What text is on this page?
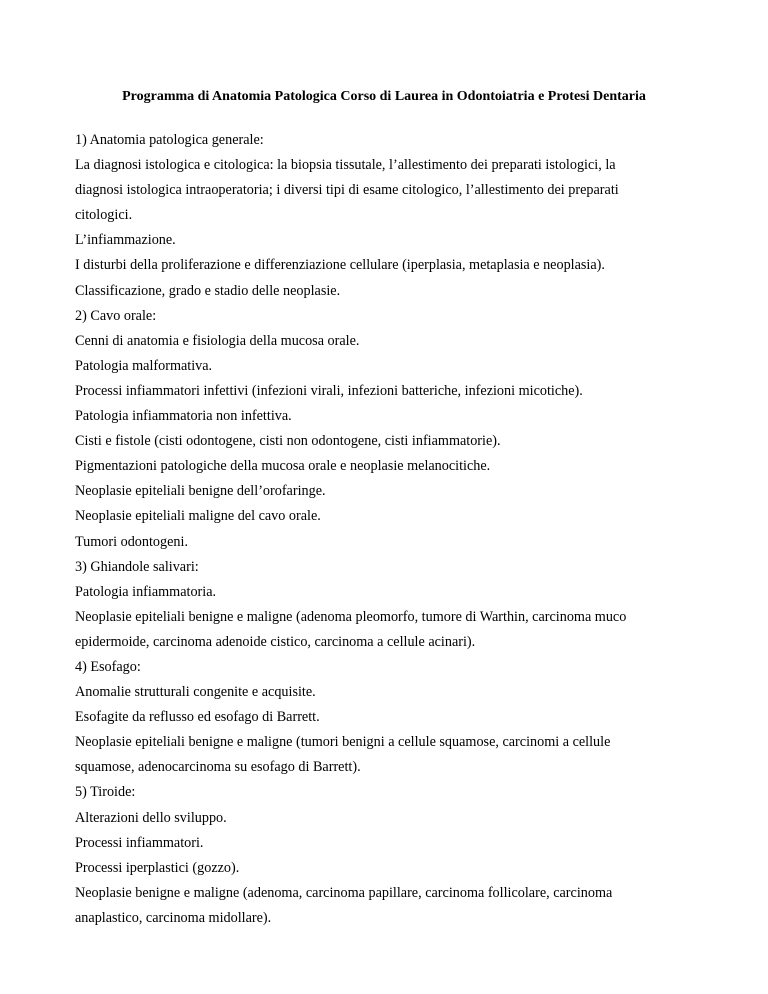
Programma di Anatomia Patologica Corso di Laurea in Odontoiatria e Protesi Dentaria
1) Anatomia patologica generale:
La diagnosi istologica e citologica: la biopsia tissutale, l’allestimento dei preparati istologici, la
diagnosi istologica intraoperatoria; i diversi tipi di esame citologico, l’allestimento dei preparati
citologici.
L’infiammazione.
I disturbi della proliferazione e differenziazione cellulare (iperplasia, metaplasia e neoplasia).
Classificazione, grado e stadio delle neoplasie.
2) Cavo orale:
Cenni di anatomia e fisiologia della mucosa orale.
Patologia malformativa.
Processi infiammatori infettivi (infezioni virali, infezioni batteriche, infezioni micotiche).
Patologia infiammatoria non infettiva.
Cisti e fistole (cisti odontogene, cisti non odontogene, cisti infiammatorie).
Pigmentazioni patologiche della mucosa orale e neoplasie melanocitiche.
Neoplasie epiteliali benigne dell’orofaringe.
Neoplasie epiteliali maligne del cavo orale.
Tumori odontogeni.
3) Ghiandole salivari:
Patologia infiammatoria.
Neoplasie epiteliali benigne e maligne (adenoma pleomorfo, tumore di Warthin, carcinoma muco
epidermoide, carcinoma adenoide cistico, carcinoma a cellule acinari).
4) Esofago:
Anomalie strutturali congenite e acquisite.
Esofagite da reflusso ed esofago di Barrett.
Neoplasie epiteliali benigne e maligne (tumori benigni a cellule squamose, carcinomi a cellule
squamose, adenocarcinoma su esofago di Barrett).
5) Tiroide:
Alterazioni dello sviluppo.
Processi infiammatori.
Processi iperplastici (gozzo).
Neoplasie benigne e maligne (adenoma, carcinoma papillare, carcinoma follicolare, carcinoma
anaplastico, carcinoma midollare).
